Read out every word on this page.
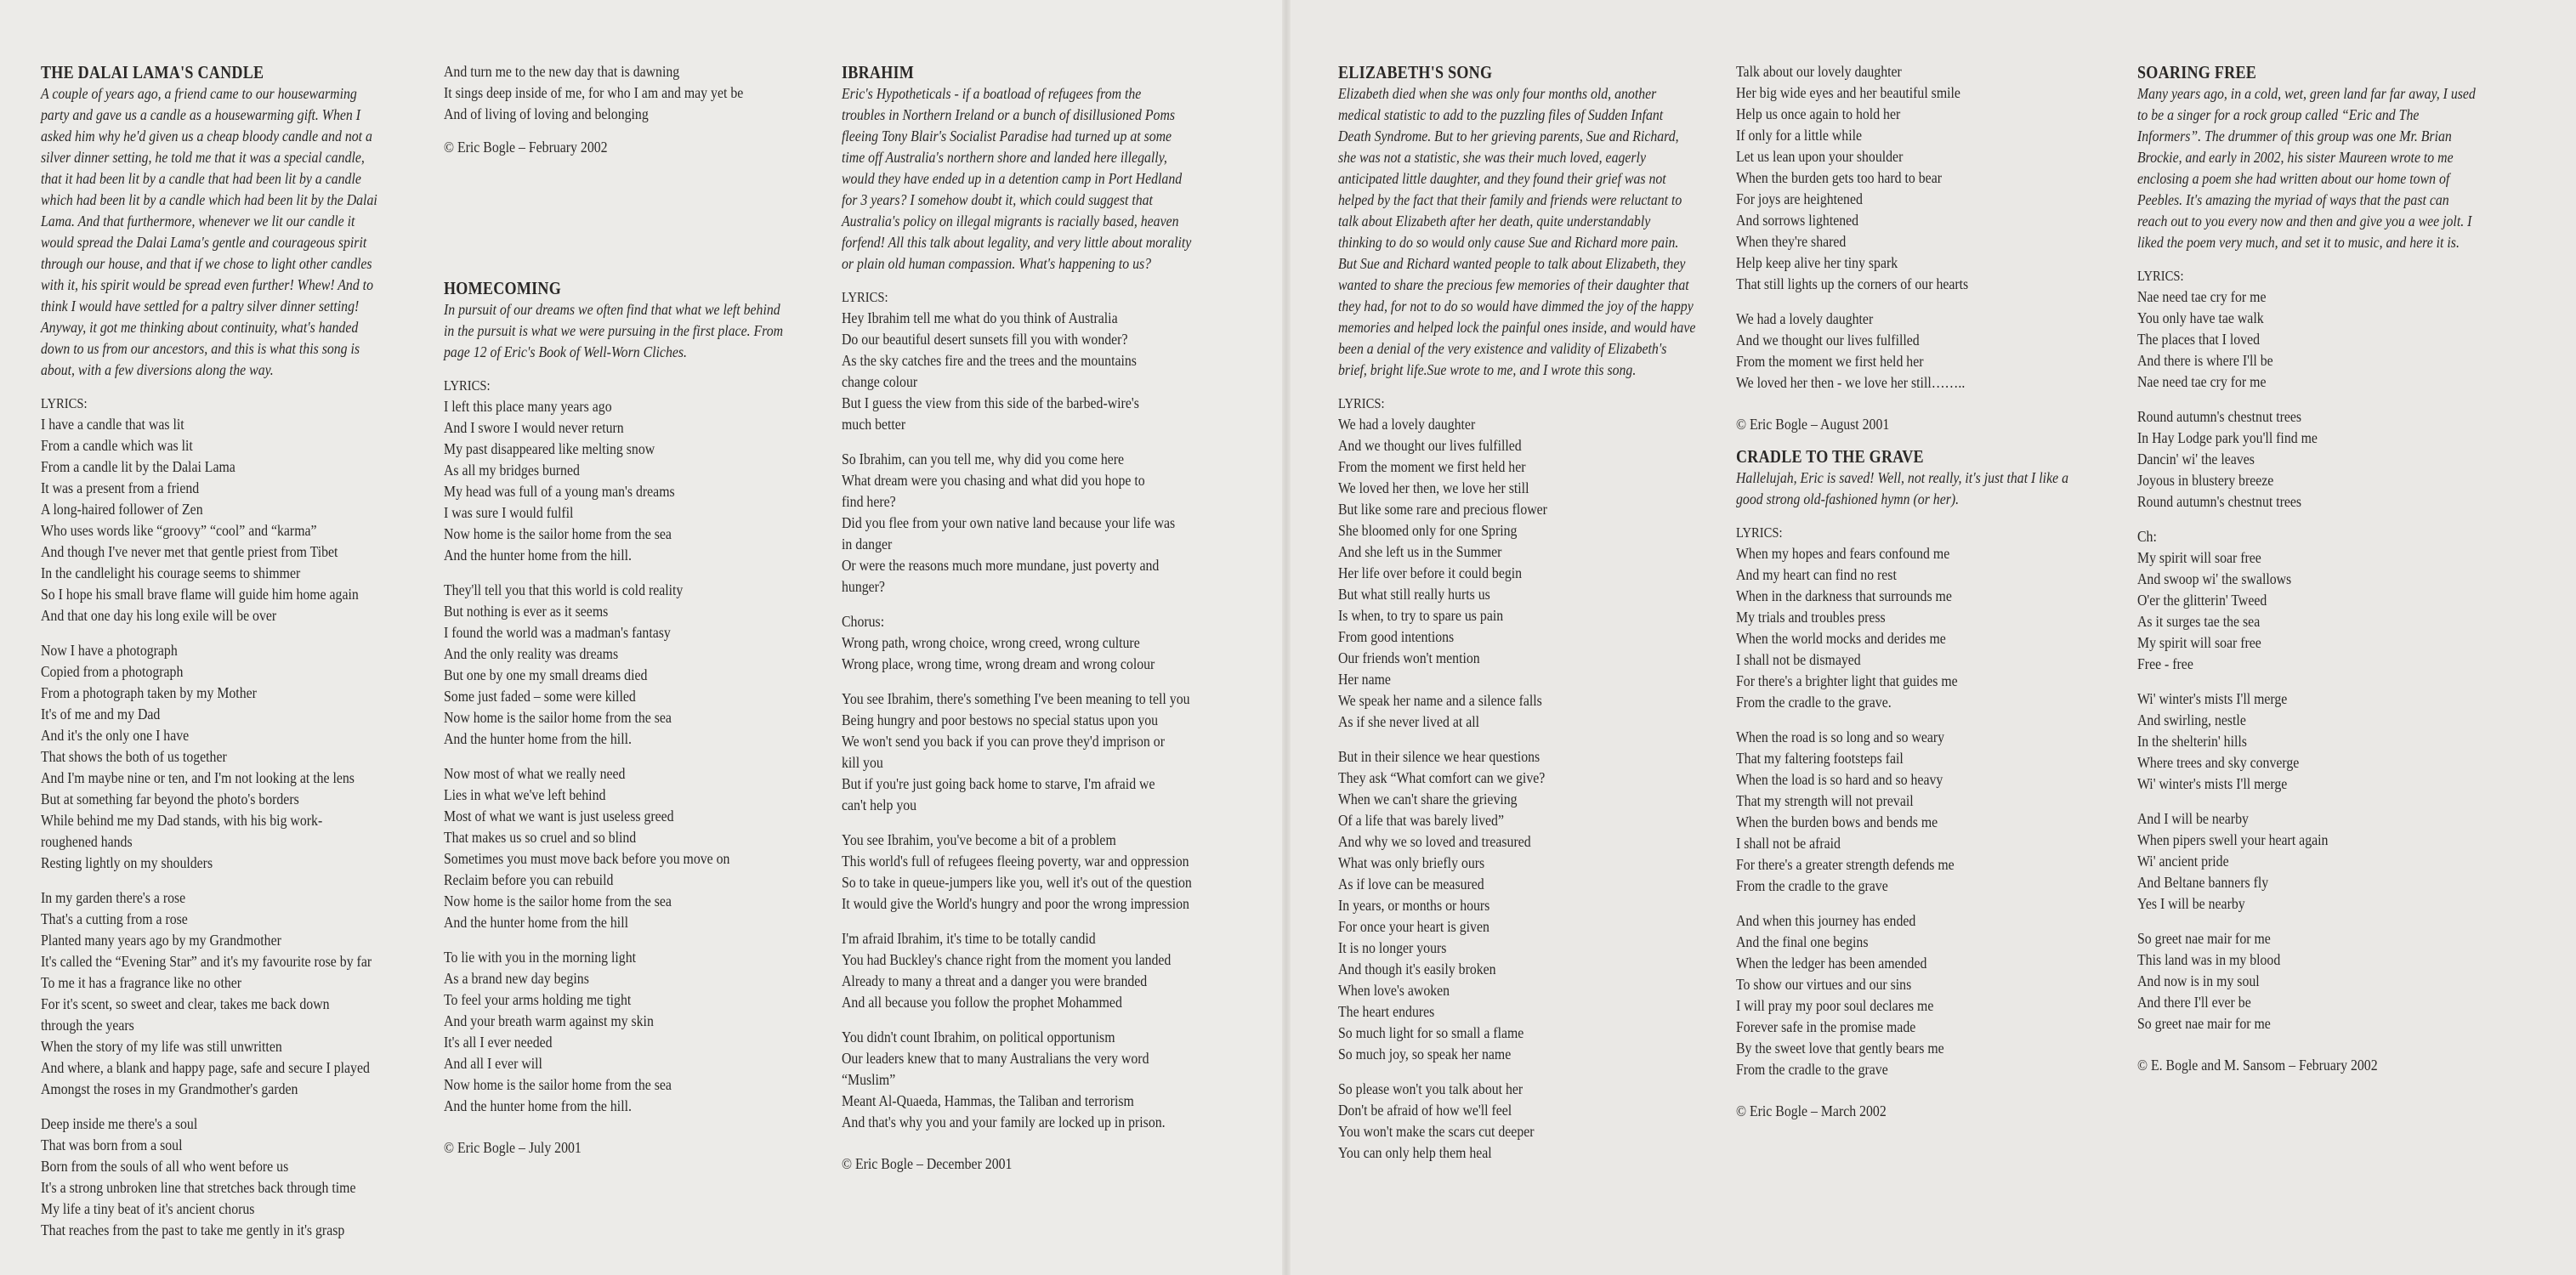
THE DALAI LAMA'S CANDLE

A couple of years ago, a friend came to our housewarming
party and gave us a candle as a housewarming gift. When I
asked him why he'd given us a cheap bloody candle and not a
silver dinner setting, he told me that it was a special candle,
that it had been lit by a candle that had been lit by a candle
which had been lit by a candle which had been lit by the Dalai
Lama. And that furthermore, whenever we lit our candle it
would spread the Dalai Lama's gentle and courageous spirit
through our house, and that if we chose to light other candles
with it, his spirit would be spread even further! Whew! And to
think I would have settled for a paltry silver dinner setting!
Anyway, it got me thinking about continuity, what's handed
down to us from our ancestors, and this is what this song is
about, with a few diversions along the way.

LYRICS:

I have a candle that was lit
From a candle which was lit
From a candle lit by the Dalai Lama
It was a present from a friend
A long-haired follower of Zen
Who uses words like “groovy” “cool” and “karma”
And though I've never met that gentle priest from Tibet
In the candlelight his courage seems to shimmer
So I hope his small brave flame will guide him home again
And that one day his long exile will be over

Now I have a photograph
Copied from a photograph
From a photograph taken by my Mother
It's of me and my Dad
And it's the only one I have
That shows the both of us together
And I'm maybe nine or ten, and I'm not looking at the lens
But at something far beyond the photo's borders
While behind me my Dad stands, with his big work-
roughened hands
Resting lightly on my shoulders

In my garden there's a rose
That's a cutting from a rose
Planted many years ago by my Grandmother
It's called the “Evening Star” and it's my favourite rose by far
To me it has a fragrance like no other
For it's scent, so sweet and clear, takes me back down
through the years
When the story of my life was still unwritten
And where, a blank and happy page, safe and secure I played
Amongst the roses in my Grandmother's garden

Deep inside me there's a soul
That was born from a soul
Born from the souls of all who went before us
It's a strong unbroken line that stretches back through time
My life a tiny beat of it's ancient chorus
That reaches from the past to take me gently in it's grasp

And turn me to the new day that is dawning
It sings deep inside of me, for who I am and may yet be
And of living of loving and belonging

© Eric Bogle – February 2002

HOMECOMING

In pursuit of our dreams we often find that what we left behind
in the pursuit is what we were pursuing in the first place. From
page 12 of Eric's Book of Well-Worn Cliches.

LYRICS:

I left this place many years ago
And I swore I would never return
My past disappeared like melting snow
As all my bridges burned
My head was full of a young man's dreams
I was sure I would fulfil
Now home is the sailor home from the sea
And the hunter home from the hill.

They'll tell you that this world is cold reality
But nothing is ever as it seems
I found the world was a madman's fantasy
And the only reality was dreams
But one by one my small dreams died
Some just faded – some were killed
Now home is the sailor home from the sea
And the hunter home from the hill.

Now most of what we really need
Lies in what we've left behind
Most of what we want is just useless greed
That makes us so cruel and so blind
Sometimes you must move back before you move on
Reclaim before you can rebuild
Now home is the sailor home from the sea
And the hunter home from the hill

To lie with you in the morning light
As a brand new day begins
To feel your arms holding me tight
And your breath warm against my skin
It's all I ever needed
And all I ever will
Now home is the sailor home from the sea
And the hunter home from the hill.

© Eric Bogle – July 2001

IBRAHIM

Eric's Hypotheticals - if a boatload of refugees from the
troubles in Northern Ireland or a bunch of disillusioned Poms
fleeing Tony Blair's Socialist Paradise had turned up at some
time off Australia's northern shore and landed here illegally,
would they have ended up in a detention camp in Port Hedland
for 3 years? I somehow doubt it, which could suggest that
Australia's policy on illegal migrants is racially based, heaven
forfend! All this talk about legality, and very little about morality
or plain old human compassion. What's happening to us?

LYRICS:

Hey Ibrahim tell me what do you think of Australia
Do our beautiful desert sunsets fill you with wonder?
As the sky catches fire and the trees and the mountains
change colour
But I guess the view from this side of the barbed-wire's
much better

So Ibrahim, can you tell me, why did you come here
What dream were you chasing and what did you hope to
find here?
Did you flee from your own native land because your life was
in danger
Or were the reasons much more mundane, just poverty and
hunger?

Chorus:
Wrong path, wrong choice, wrong creed, wrong culture
Wrong place, wrong time, wrong dream and wrong colour

You see Ibrahim, there's something I've been meaning to tell you
Being hungry and poor bestows no special status upon you
We won't send you back if you can prove they'd imprison or
kill you
But if you're just going back home to starve, I'm afraid we
can't help you

You see Ibrahim, you've become a bit of a problem
This world's full of refugees fleeing poverty, war and oppression
So to take in queue-jumpers like you, well it's out of the question
It would give the World's hungry and poor the wrong impression

I'm afraid Ibrahim, it's time to be totally candid
You had Buckley's chance right from the moment you landed
Already to many a threat and a danger you were branded
And all because you follow the prophet Mohammed

You didn't count Ibrahim, on political opportunism
Our leaders knew that to many Australians the very word
“Muslim”
Meant Al-Quaeda, Hammas, the Taliban and terrorism
And that's why you and your family are locked up in prison.

© Eric Bogle – December 2001

ELIZABETH'S SONG

Elizabeth died when she was only four months old, another
medical statistic to add to the puzzling files of Sudden Infant
Death Syndrome. But to her grieving parents, Sue and Richard,
she was not a statistic, she was their much loved, eagerly
anticipated little daughter, and they found their grief was not
helped by the fact that their family and friends were reluctant to
talk about Elizabeth after her death, quite understandably
thinking to do so would only cause Sue and Richard more pain.
But Sue and Richard wanted people to talk about Elizabeth, they
wanted to share the precious few memories of their daughter that
they had, for not to do so would have dimmed the joy of the happy
memories and helped lock the painful ones inside, and would have
been a denial of the very existence and validity of Elizabeth's
brief, bright life.Sue wrote to me, and I wrote this song.

LYRICS:

We had a lovely daughter
And we thought our lives fulfilled
From the moment we first held her
We loved her then, we love her still
But like some rare and precious flower
She bloomed only for one Spring
And she left us in the Summer
Her life over before it could begin
But what still really hurts us
Is when, to try to spare us pain
From good intentions
Our friends won't mention
Her name
We speak her name and a silence falls
As if she never lived at all

But in their silence we hear questions
They ask “What comfort can we give?
When we can't share the grieving
Of a life that was barely lived”
And why we so loved and treasured
What was only briefly ours
As if love can be measured
In years, or months or hours
For once your heart is given
It is no longer yours
And though it's easily broken
When love's awoken
The heart endures
So much light for so small a flame
So much joy, so speak her name

So please won't you talk about her
Don't be afraid of how we'll feel
You won't make the scars cut deeper
You can only help them heal

Talk about our lovely daughter
Her big wide eyes and her beautiful smile
Help us once again to hold her
If only for a little while
Let us lean upon your shoulder
When the burden gets too hard to bear
For joys are heightened
And sorrows lightened
When they're shared
Help keep alive her tiny spark
That still lights up the corners of our hearts

We had a lovely daughter
And we thought our lives fulfilled
From the moment we first held her
We loved her then - we love her still……..

© Eric Bogle – August 2001

CRADLE TO THE GRAVE

Hallelujah, Eric is saved! Well, not really, it's just that I like a
good strong old-fashioned hymn (or her).

LYRICS:

When my hopes and fears confound me
And my heart can find no rest
When in the darkness that surrounds me
My trials and troubles press
When the world mocks and derides me
I shall not be dismayed
For there's a brighter light that guides me
From the cradle to the grave.

When the road is so long and so weary
That my faltering footsteps fail
When the load is so hard and so heavy
That my strength will not prevail
When the burden bows and bends me
I shall not be afraid
For there's a greater strength defends me
From the cradle to the grave

And when this journey has ended
And the final one begins
When the ledger has been amended
To show our virtues and our sins
I will pray my poor soul declares me
Forever safe in the promise made
By the sweet love that gently bears me
From the cradle to the grave

© Eric Bogle – March 2002

SOARING FREE

Many years ago, in a cold, wet, green land far far away, I used
to be a singer for a rock group called “Eric and The
Informers”. The drummer of this group was one Mr. Brian
Brockie, and early in 2002, his sister Maureen wrote to me
enclosing a poem she had written about our home town of
Peebles. It's amazing the myriad of ways that the past can
reach out to you every now and then and give you a wee jolt. I
liked the poem very much, and set it to music, and here it is.

LYRICS:

Nae need tae cry for me
You only have tae walk
The places that I loved
And there is where I'll be
Nae need tae cry for me

Round autumn's chestnut trees
In Hay Lodge park you'll find me
Dancin' wi' the leaves
Joyous in blustery breeze
Round autumn's chestnut trees

Ch:
My spirit will soar free
And swoop wi' the swallows
O'er the glitterin' Tweed
As it surges tae the sea
My spirit will soar free
Free - free

Wi' winter's mists I'll merge
And swirling, nestle
In the shelterin' hills
Where trees and sky converge
Wi' winter's mists I'll merge

And I will be nearby
When pipers swell your heart again
Wi' ancient pride
And Beltane banners fly
Yes I will be nearby

So greet nae mair for me
This land was in my blood
And now is in my soul
And there I'll ever be
So greet nae mair for me

© E. Bogle and M. Sansom – February 2002
